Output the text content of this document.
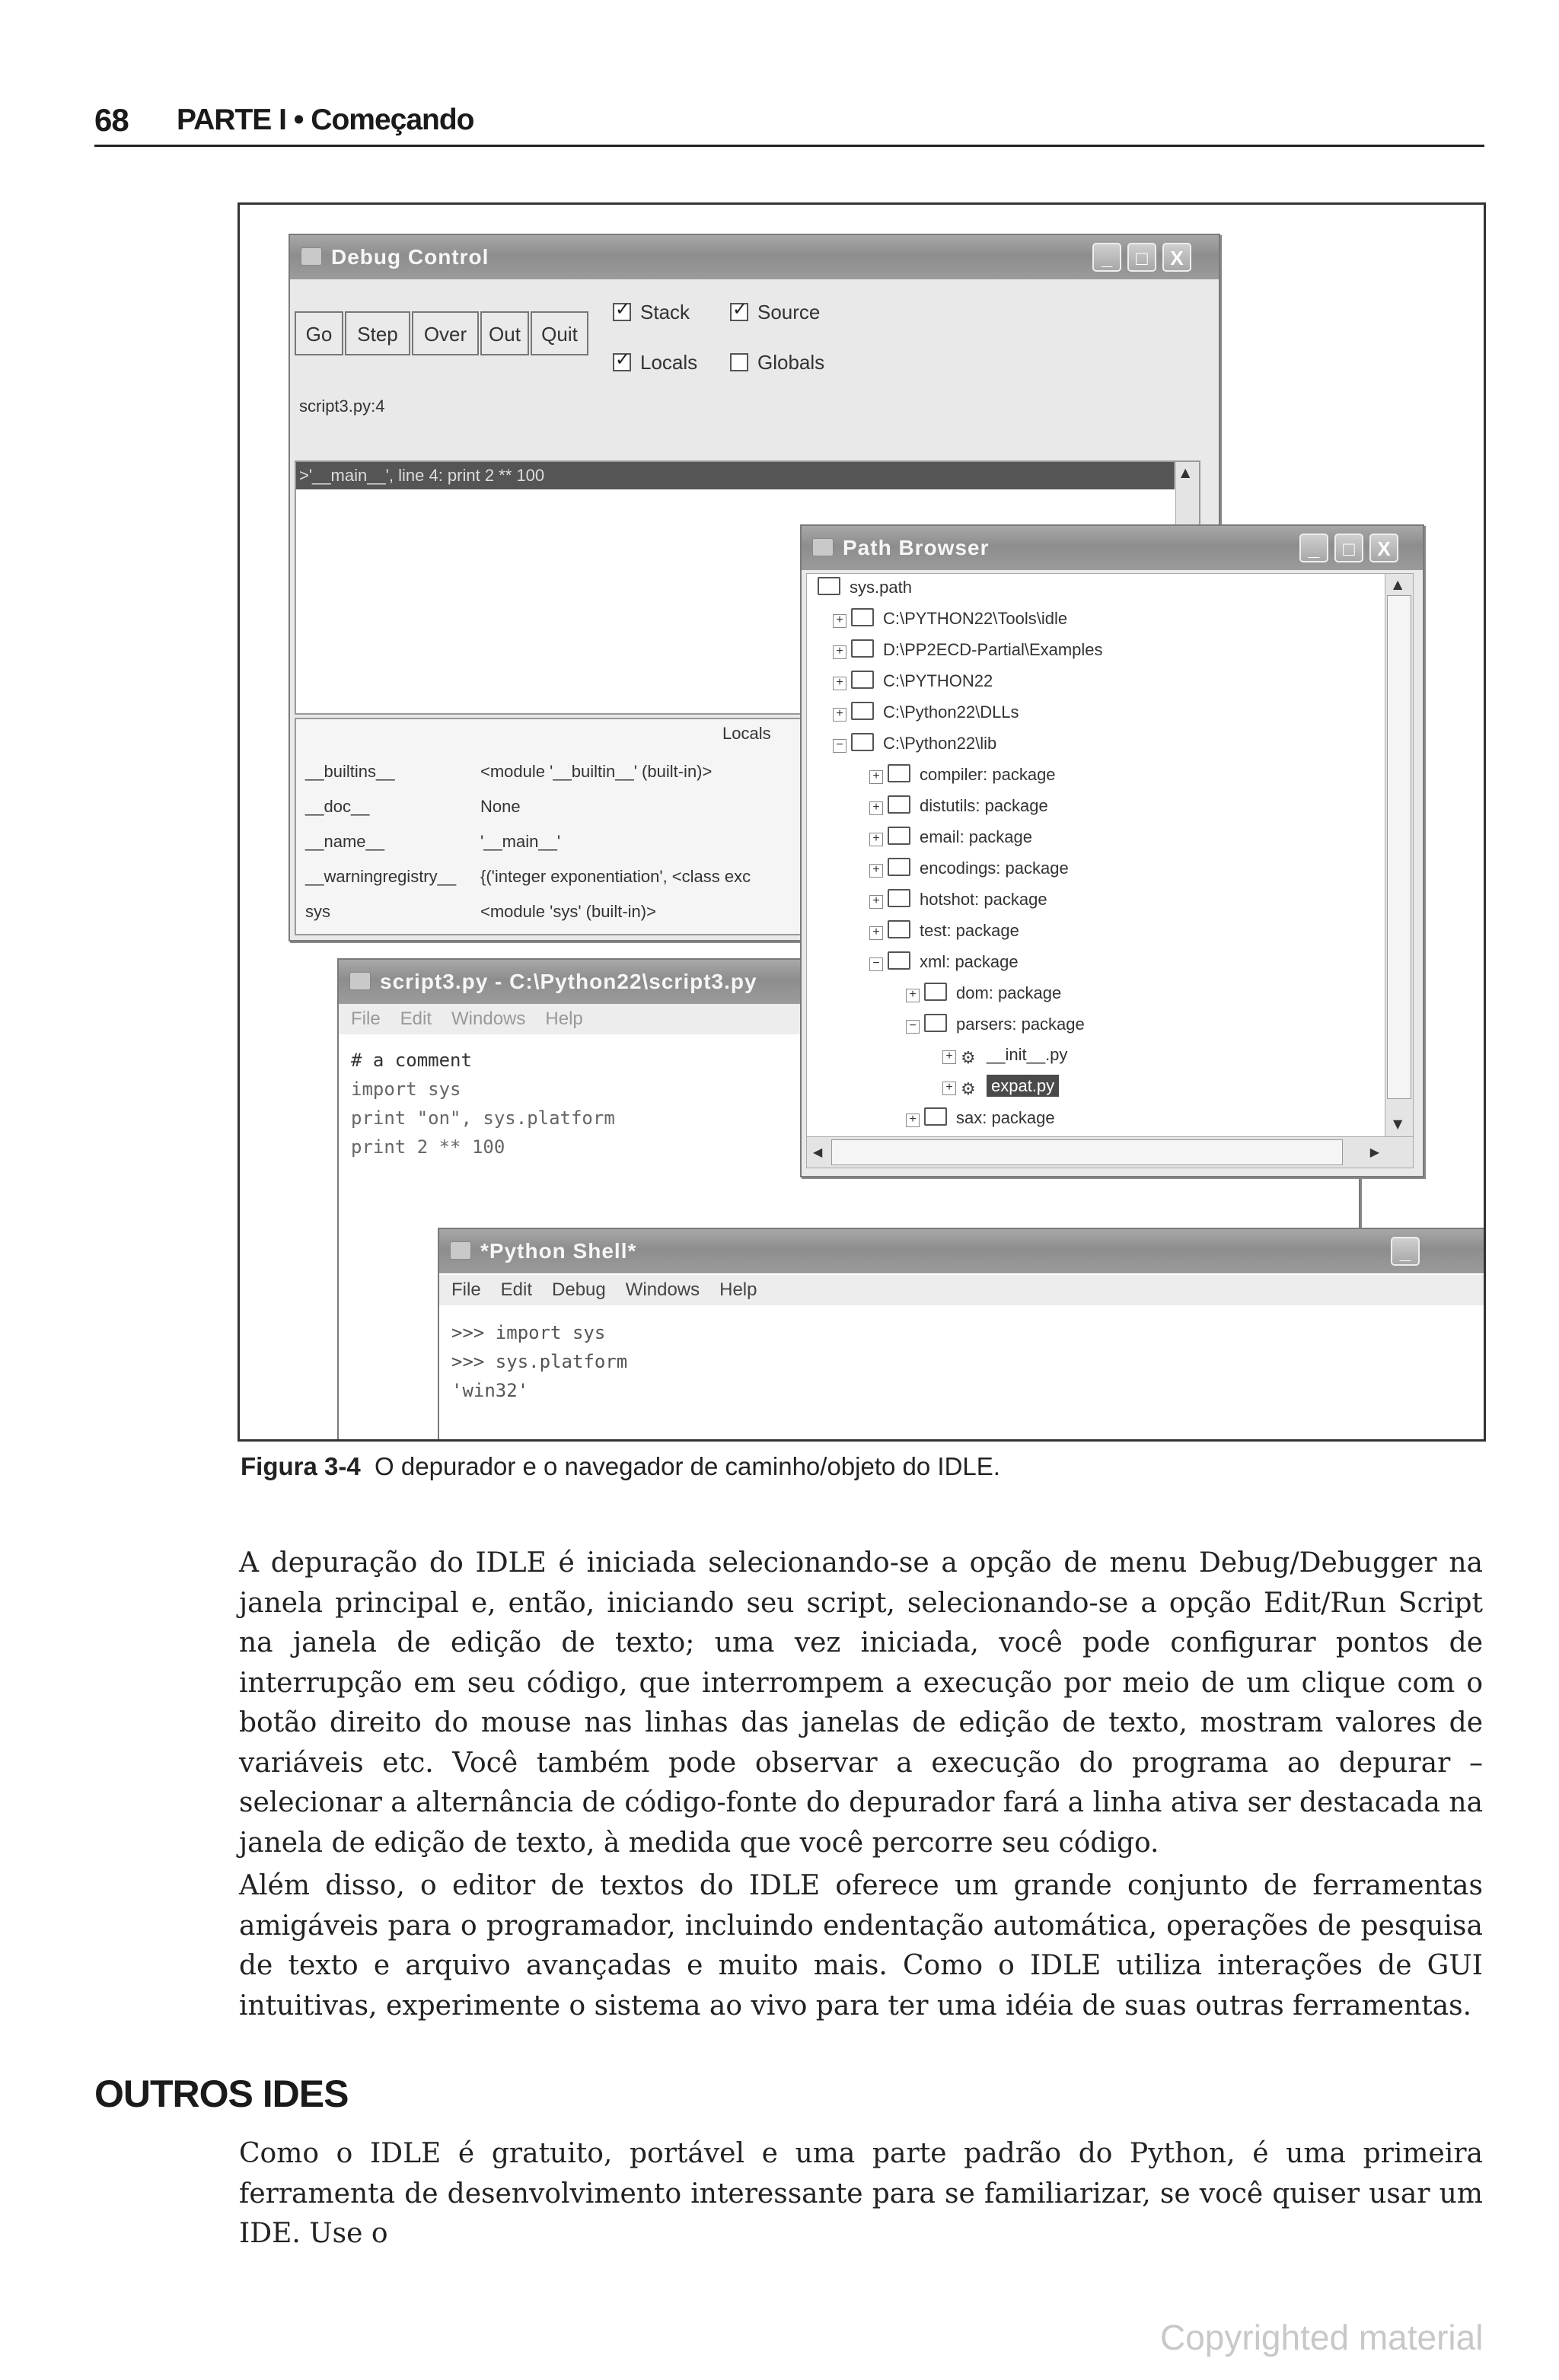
68 PARTE I • Começando
Debug Control	_	□	X
Go	Step	Over	Out	Quit
✓Stack ✓	Source
✓Locals	Globals
script3.py:4
>'__main__', line 4: print 2 ** 100	▲
Locals
__builtins__	<module '__builtin__' (built-in)>
__doc__	None
__name__	'__main__'
__warningregistry__ {('integer exponentiation', <class exc
sys	<module 'sys' (built-in)>
script3.py - C:\Python22\script3.py
File Edit Windows Help
# a comment
import sys
print "on", sys.platform
print 2 ** 100
Path Browser	_	□	X
sys.path
+ C:\PYTHON22\Tools\idle
+ D:\PP2ECD-Partial\Examples
+ C:\PYTHON22
+ C:\Python22\DLLs
− C:\Python22\lib
+ compiler: package
+ distutils: package
+ email: package
+ encodings: package
+ hotshot: package
+ test: package
− xml: package
+ dom: package
− parsers: package
+ ⚙ __init__.py
+ ⚙ expat.py
+ sax: package
▲
▼
◀	▶
*Python Shell*	_
File Edit Debug Windows Help
>>> import sys
>>> sys.platform
'win32'
Figura 3-4 O depurador e o navegador de caminho/objeto do IDLE.

A depuração do IDLE é iniciada selecionando-se a opção de menu Debug/Debugger na janela principal e, então, iniciando seu script, selecionando-se a opção Edit/Run Script na janela de edição de texto; uma vez iniciada, você pode configurar pontos de interrupção em seu código, que interrompem a execução por meio de um clique com o botão direito do mouse nas linhas das janelas de edição de texto, mostram valores de variáveis etc. Você também pode observar a execução do programa ao depurar – selecionar a alternância de código-fonte do depurador fará a linha ativa ser destacada na janela de edição de texto, à medida que você percorre seu código.

Além disso, o editor de textos do IDLE oferece um grande conjunto de ferramentas amigáveis para o programador, incluindo endentação automática, operações de pesquisa de texto e arquivo avançadas e muito mais. Como o IDLE utiliza interações de GUI intuitivas, experimente o sistema ao vivo para ter uma idéia de suas outras ferramentas.

OUTROS IDES

Como o IDLE é gratuito, portável e uma parte padrão do Python, é uma primeira ferramenta de desenvolvimento interessante para se familiarizar, se você quiser usar um IDE. Use o

Copyrighted material
